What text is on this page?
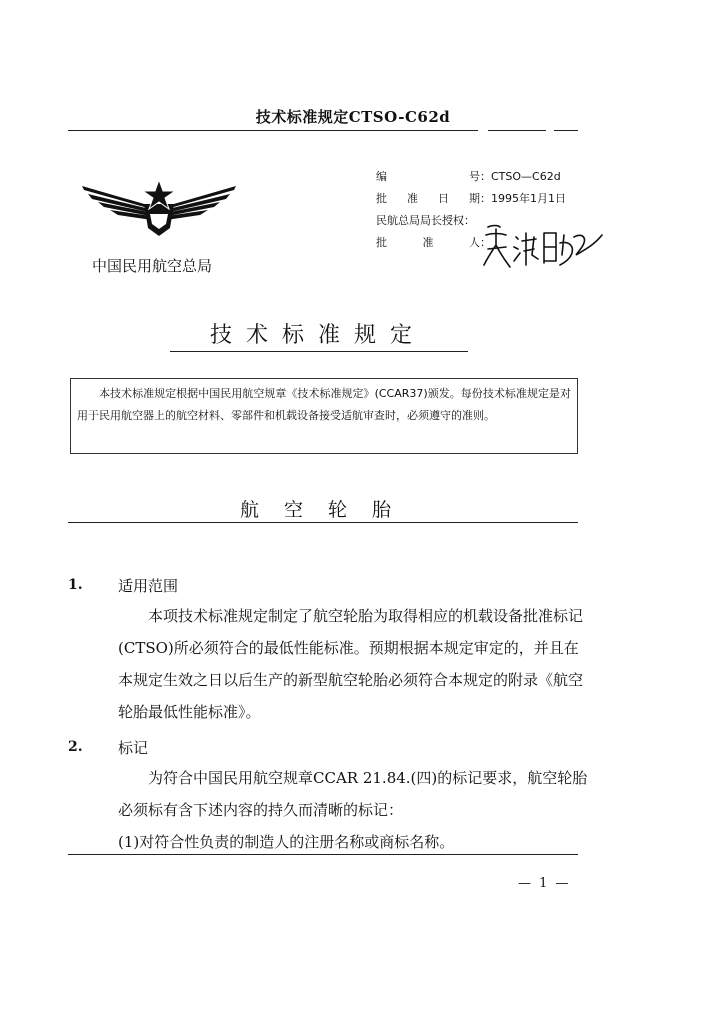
技术标准规定CTSO-C62d
中国民用航空总局
编	号 ： CTSO—C62d
批 准 日 期 ： 1995年1月1日
民航总局局长授权 ：
批	准	人 ：
技术标准规定
本技术标准规定根据中国民用航空规章《技术标准规定》(CCAR37)颁发。每份技术标准规定是对用于民用航空器上的航空材料、零部件和机载设备接受适航审查时，必须遵守的准则。
航空轮胎
1. 适用范围
本项技术标准规定制定了航空轮胎为取得相应的机载设备批准标记(CTSO)所必须符合的最低性能标准。预期根据本规定审定的，并且在本规定生效之日以后生产的新型航空轮胎必须符合本规定的附录《航空轮胎最低性能标准》。
2. 标记
为符合中国民用航空规章CCAR 21.84.(四)的标记要求，航空轮胎必须标有含下述内容的持久而清晰的标记：
(1)对符合性负责的制造人的注册名称或商标名称。
— 1 —
